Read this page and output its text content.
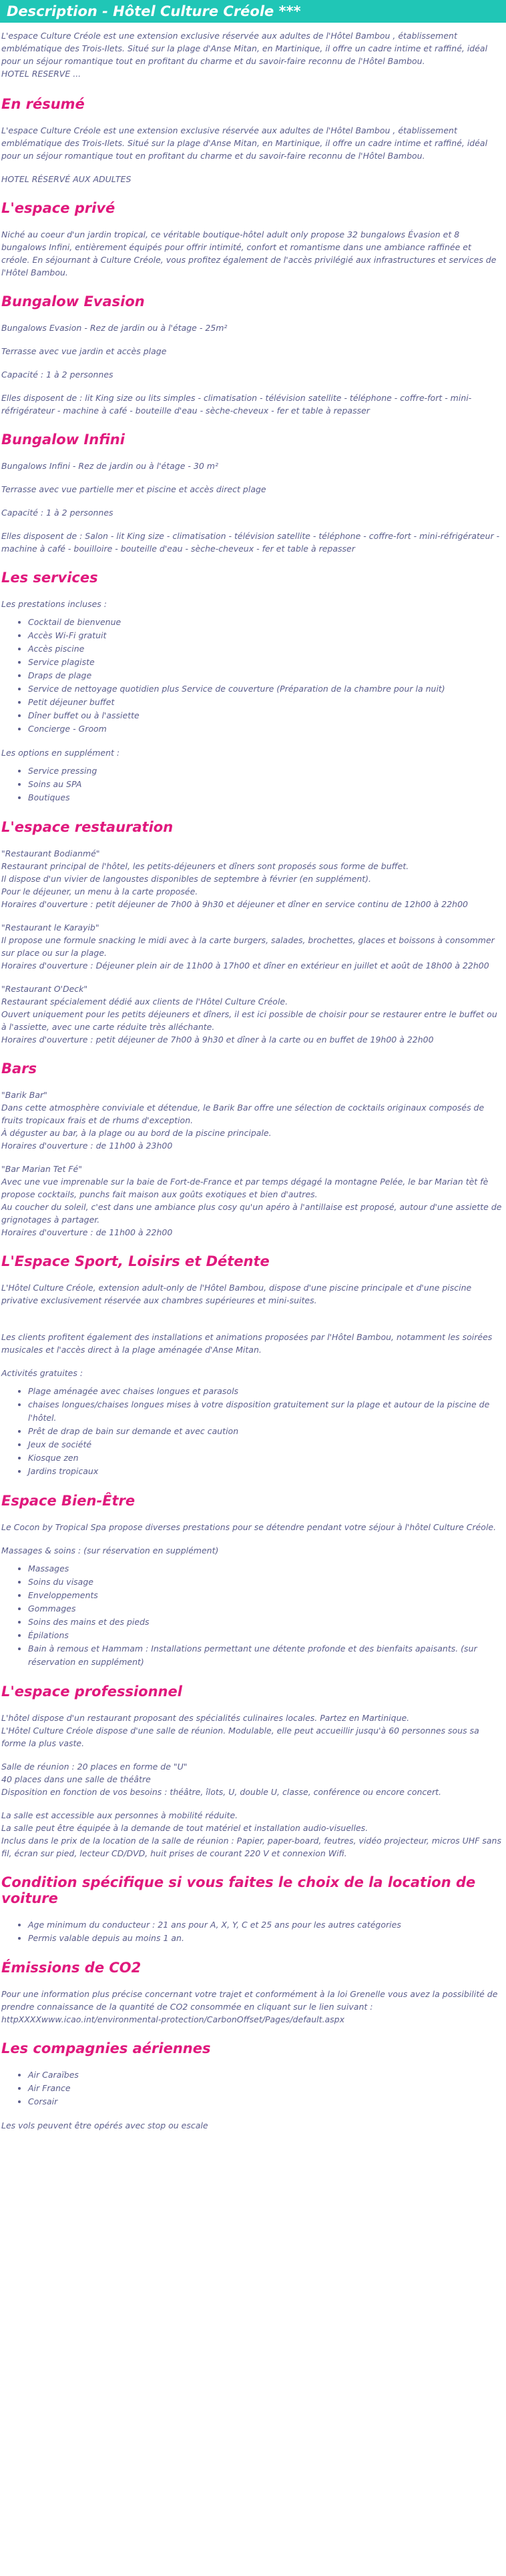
Description - Hôtel Culture Créole ***

L'espace Culture Créole est une extension exclusive réservée aux adultes de l'Hôtel Bambou , établissement emblématique des Trois-Ilets. Situé sur la plage d'Anse Mitan, en Martinique, il offre un cadre intime et raffiné, idéal pour un séjour romantique tout en profitant du charme et du savoir-faire reconnu de l'Hôtel Bambou.
HOTEL RESERVE ...

En résumé

L'espace Culture Créole est une extension exclusive réservée aux adultes de l'Hôtel Bambou , établissement emblématique des Trois-Ilets. Situé sur la plage d'Anse Mitan, en Martinique, il offre un cadre intime et raffiné, idéal pour un séjour romantique tout en profitant du charme et du savoir-faire reconnu de l'Hôtel Bambou.

HOTEL RÉSERVÉ AUX ADULTES

L'espace privé

Niché au coeur d'un jardin tropical, ce véritable boutique-hôtel adult only propose 32 bungalows Évasion et 8 bungalows Infini, entièrement équipés pour offrir intimité, confort et romantisme dans une ambiance raffinée et créole. En séjournant à Culture Créole, vous profitez également de l'accès privilégié aux infrastructures et services de l'Hôtel Bambou.

Bungalow Evasion

Bungalows Evasion - Rez de jardin ou à l'étage - 25m²

Terrasse avec vue jardin et accès plage

Capacité : 1 à 2 personnes

Elles disposent de : lit King size ou lits simples - climatisation - télévision satellite - téléphone - coffre-fort - mini-réfrigérateur - machine à café - bouteille d'eau - sèche-cheveux - fer et table à repasser

Bungalow Infini

Bungalows Infini - Rez de jardin ou à l'étage - 30 m²

Terrasse avec vue partielle mer et piscine et accès direct plage

Capacité : 1 à 2 personnes

Elles disposent de : Salon - lit King size - climatisation - télévision satellite - téléphone - coffre-fort - mini-réfrigérateur - machine à café - bouilloire - bouteille d'eau - sèche-cheveux - fer et table à repasser

Les services

Les prestations incluses :

• Cocktail de bienvenue
• Accès Wi-Fi gratuit
• Accès piscine
• Service plagiste
• Draps de plage
• Service de nettoyage quotidien plus Service de couverture (Préparation de la chambre pour la nuit)
• Petit déjeuner buffet
• Dîner buffet ou à l'assiette
• Concierge - Groom

Les options en supplément :

• Service pressing
• Soins au SPA
• Boutiques
L'espace restauration

"Restaurant Bodianmé"
Restaurant principal de l'hôtel, les petits-déjeuners et dîners sont proposés sous forme de buffet.
Il dispose d'un vivier de langoustes disponibles de septembre à février (en supplément).
Pour le déjeuner, un menu à la carte proposée.
Horaires d'ouverture : petit déjeuner de 7h00 à 9h30 et déjeuner et dîner en service continu de 12h00 à 22h00

"Restaurant le Karayib"
Il propose une formule snacking le midi avec à la carte burgers, salades, brochettes, glaces et boissons à consommer sur place ou sur la plage.
Horaires d'ouverture : Déjeuner plein air de 11h00 à 17h00 et dîner en extérieur en juillet et août de 18h00 à 22h00

"Restaurant O'Deck"
Restaurant spécialement dédié aux clients de l'Hôtel Culture Créole.
Ouvert uniquement pour les petits déjeuners et dîners, il est ici possible de choisir pour se restaurer entre le buffet ou à l'assiette, avec une carte réduite très alléchante.
Horaires d'ouverture : petit déjeuner de 7h00 à 9h30 et dîner à la carte ou en buffet de 19h00 à 22h00

Bars

"Barik Bar"
Dans cette atmosphère conviviale et détendue, le Barik Bar offre une sélection de cocktails originaux composés de fruits tropicaux frais et de rhums d'exception.
À déguster au bar, à la plage ou au bord de la piscine principale.
Horaires d'ouverture : de 11h00 à 23h00

"Bar Marian Tet Fé"
Avec une vue imprenable sur la baie de Fort-de-France et par temps dégagé la montagne Pelée, le bar Marian tèt fè propose cocktails, punchs fait maison aux goûts exotiques et bien d'autres.
Au coucher du soleil, c'est dans une ambiance plus cosy qu'un apéro à l'antillaise est proposé, autour d'une assiette de grignotages à partager.
Horaires d'ouverture : de 11h00 à 22h00

L'Espace Sport, Loisirs et Détente

L'Hôtel Culture Créole, extension adult-only de l'Hôtel Bambou, dispose d'une piscine principale et d'une piscine privative exclusivement réservée aux chambres supérieures et mini-suites.

Les clients profitent également des installations et animations proposées par l'Hôtel Bambou, notamment les soirées musicales et l'accès direct à la plage aménagée d'Anse Mitan.

Activités gratuites :

• Plage aménagée avec chaises longues et parasols
• chaises longues/chaises longues mises à votre disposition gratuitement sur la plage et autour de la piscine de l'hôtel.
• Prêt de drap de bain sur demande et avec caution
• Jeux de société
• Kiosque zen
• Jardins tropicaux
Espace Bien-Être

Le Cocon by Tropical Spa propose diverses prestations pour se détendre pendant votre séjour à l'hôtel Culture Créole.

Massages & soins : (sur réservation en supplément)

• Massages
• Soins du visage
• Enveloppements
• Gommages
• Soins des mains et des pieds
• Épilations
• Bain à remous et Hammam : Installations permettant une détente profonde et des bienfaits apaisants. (sur réservation en supplément)
L'espace professionnel

L'hôtel dispose d'un restaurant proposant des spécialités culinaires locales. Partez en Martinique.
L'Hôtel Culture Créole dispose d'une salle de réunion. Modulable, elle peut accueillir jusqu'à 60 personnes sous sa forme la plus vaste.

Salle de réunion : 20 places en forme de "U"
40 places dans une salle de théâtre
Disposition en fonction de vos besoins : théâtre, îlots, U, double U, classe, conférence ou encore concert.

La salle est accessible aux personnes à mobilité réduite.
La salle peut être équipée à la demande de tout matériel et installation audio-visuelles.
Inclus dans le prix de la location de la salle de réunion : Papier, paper-board, feutres, vidéo projecteur, micros UHF sans fil, écran sur pied, lecteur CD/DVD, huit prises de courant 220 V et connexion Wifi.

Condition spécifique si vous faites le choix de la location de voiture
• Age minimum du conducteur : 21 ans pour A, X, Y, C et 25 ans pour les autres catégories
• Permis valable depuis au moins 1 an.
Émissions de CO2

Pour une information plus précise concernant votre trajet et conformément à la loi Grenelle vous avez la possibilité de prendre connaissance de la quantité de CO2 consommée en cliquant sur le lien suivant :
httpXXXXwww.icao.int/environmental-protection/CarbonOffset/Pages/default.aspx

Les compagnies aériennes
• Air Caraïbes
• Air France
• Corsair

Les vols peuvent être opérés avec stop ou escale
